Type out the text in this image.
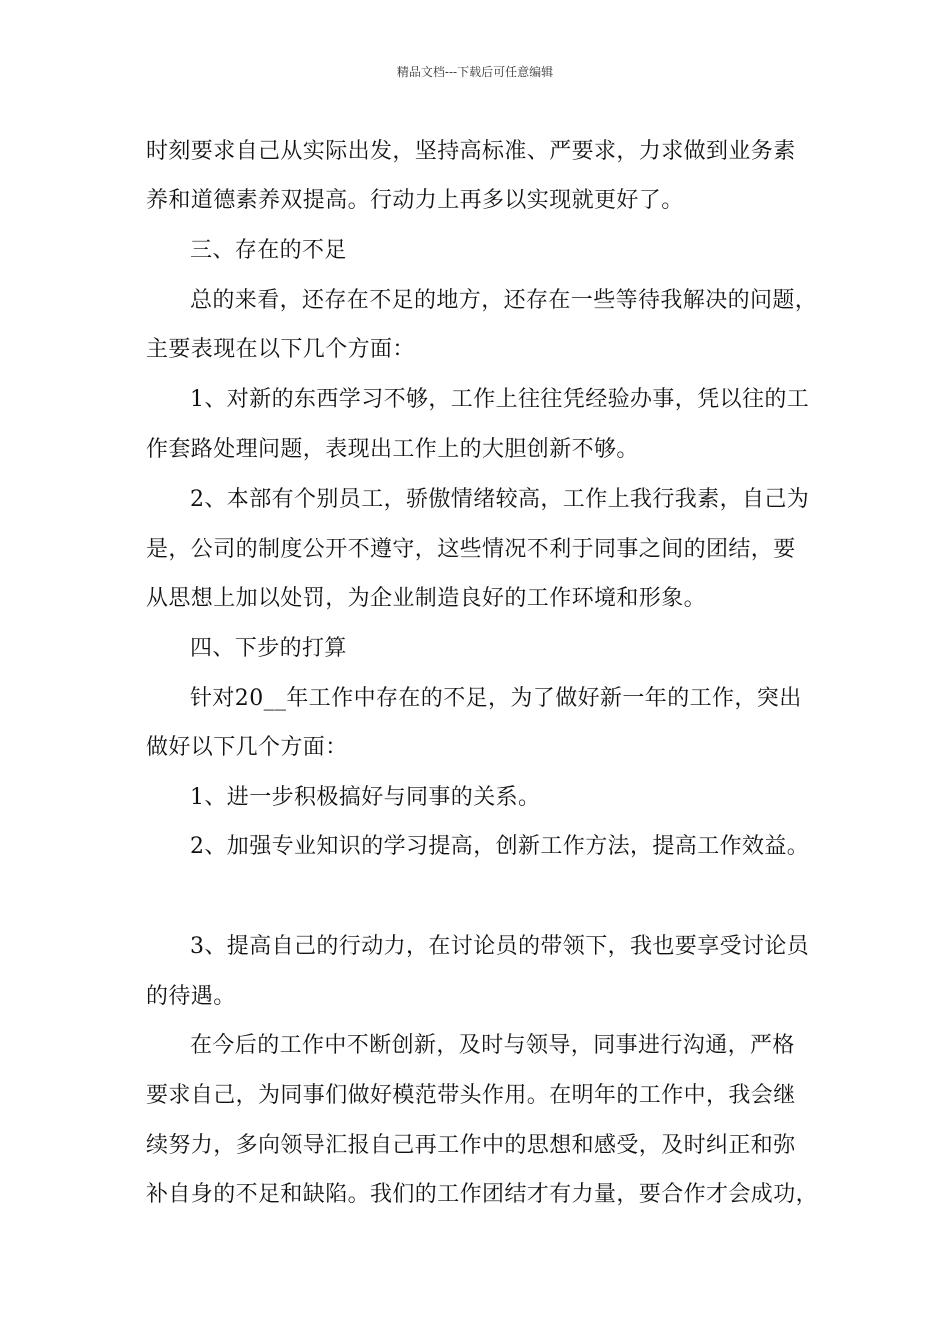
精品文档---下载后可任意编辑
时刻要求自己从实际出发，坚持高标准、严要求，力求做到业务素
养和道德素养双提高。行动力上再多以实现就更好了。
三、存在的不足
总的来看，还存在不足的地方，还存在一些等待我解决的问题，
主要表现在以下几个方面：
1、对新的东西学习不够，工作上往往凭经验办事，凭以往的工
作套路处理问题，表现出工作上的大胆创新不够。
2、本部有个别员工，骄傲情绪较高，工作上我行我素，自己为
是，公司的制度公开不遵守，这些情况不利于同事之间的团结，要
从思想上加以处罚，为企业制造良好的工作环境和形象。
四、下步的打算
针对20__年工作中存在的不足，为了做好新一年的工作，突出
做好以下几个方面：
1、进一步积极搞好与同事的关系。
2、加强专业知识的学习提高，创新工作方法，提高工作效益。
3、提高自己的行动力，在讨论员的带领下，我也要享受讨论员
的待遇。
在今后的工作中不断创新，及时与领导，同事进行沟通，严格
要求自己，为同事们做好模范带头作用。在明年的工作中，我会继
续努力，多向领导汇报自己再工作中的思想和感受，及时纠正和弥
补自身的不足和缺陷。我们的工作团结才有力量，要合作才会成功，
